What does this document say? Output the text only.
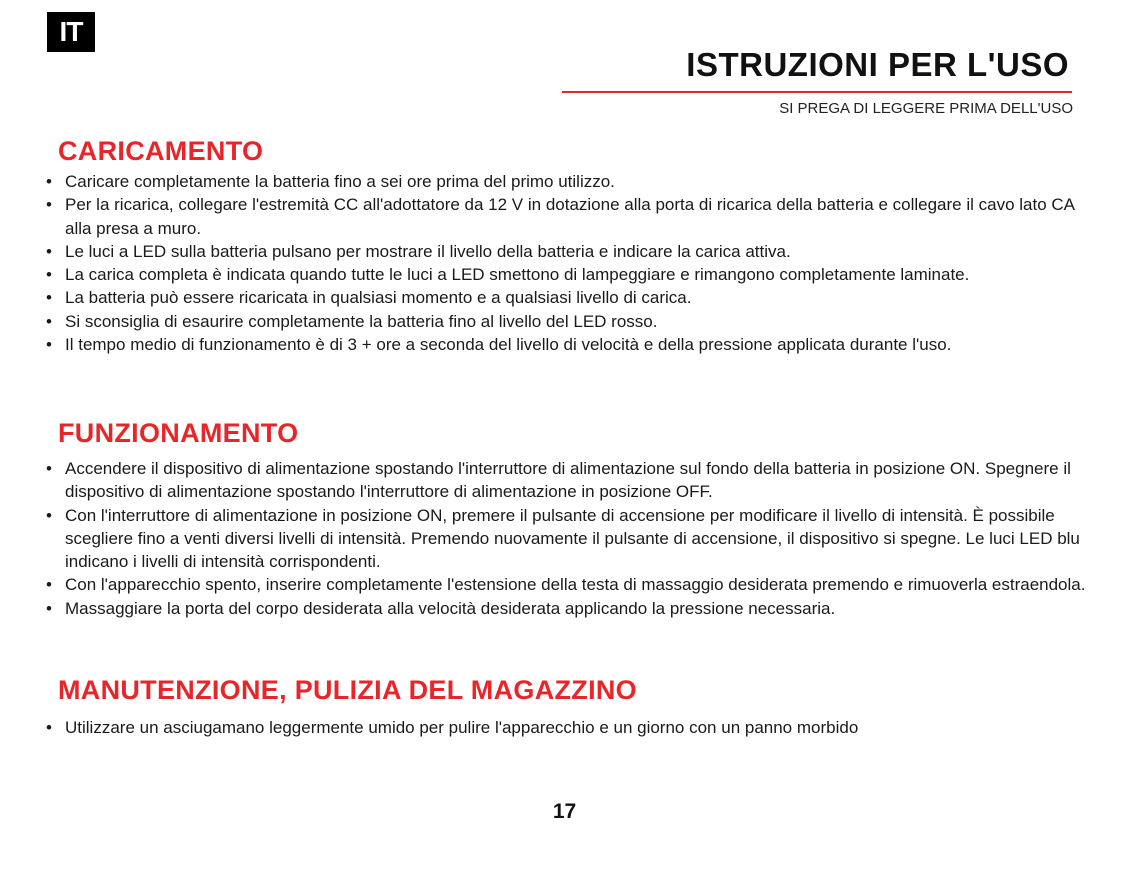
IT
ISTRUZIONI PER L'USO
SI PREGA DI LEGGERE PRIMA DELL'USO
CARICAMENTO
• Caricare completamente la batteria fino a sei ore prima del primo utilizzo.
• Per la ricarica, collegare l'estremità CC all'adottatore da 12 V in dotazione alla porta di ricarica della batteria e collegare il cavo lato CA alla presa a muro.
• Le luci a LED sulla batteria pulsano per mostrare il livello della batteria e indicare la carica attiva.
• La carica completa è indicata quando tutte le luci a LED smettono di lampeggiare e rimangono completamente laminate.
• La batteria può essere ricaricata in qualsiasi momento e a qualsiasi livello di carica.
• Si sconsiglia di esaurire completamente la batteria fino al livello del LED rosso.
• Il tempo medio di funzionamento è di 3 + ore a seconda del livello di velocità e della pressione applicata durante l'uso.
FUNZIONAMENTO
• Accendere il dispositivo di alimentazione spostando l'interruttore di alimentazione sul fondo della batteria in posizione ON. Spegnere il dispositivo di alimentazione spostando l'interruttore di alimentazione in posizione OFF.
• Con l'interruttore di alimentazione in posizione ON, premere il pulsante di accensione per modificare il livello di intensità. È possibile scegliere fino a venti diversi livelli di intensità. Premendo nuovamente il pulsante di accensione, il dispositivo si spegne. Le luci LED blu indicano i livelli di intensità corrispondenti.
• Con l'apparecchio spento, inserire completamente l'estensione della testa di massaggio desiderata premendo e rimuoverla estraendola.
• Massaggiare la porta del corpo desiderata alla velocità desiderata applicando la pressione necessaria.
MANUTENZIONE, PULIZIA DEL MAGAZZINO
• Utilizzare un asciugamano leggermente umido per pulire l'apparecchio e un giorno con un panno morbido
17
